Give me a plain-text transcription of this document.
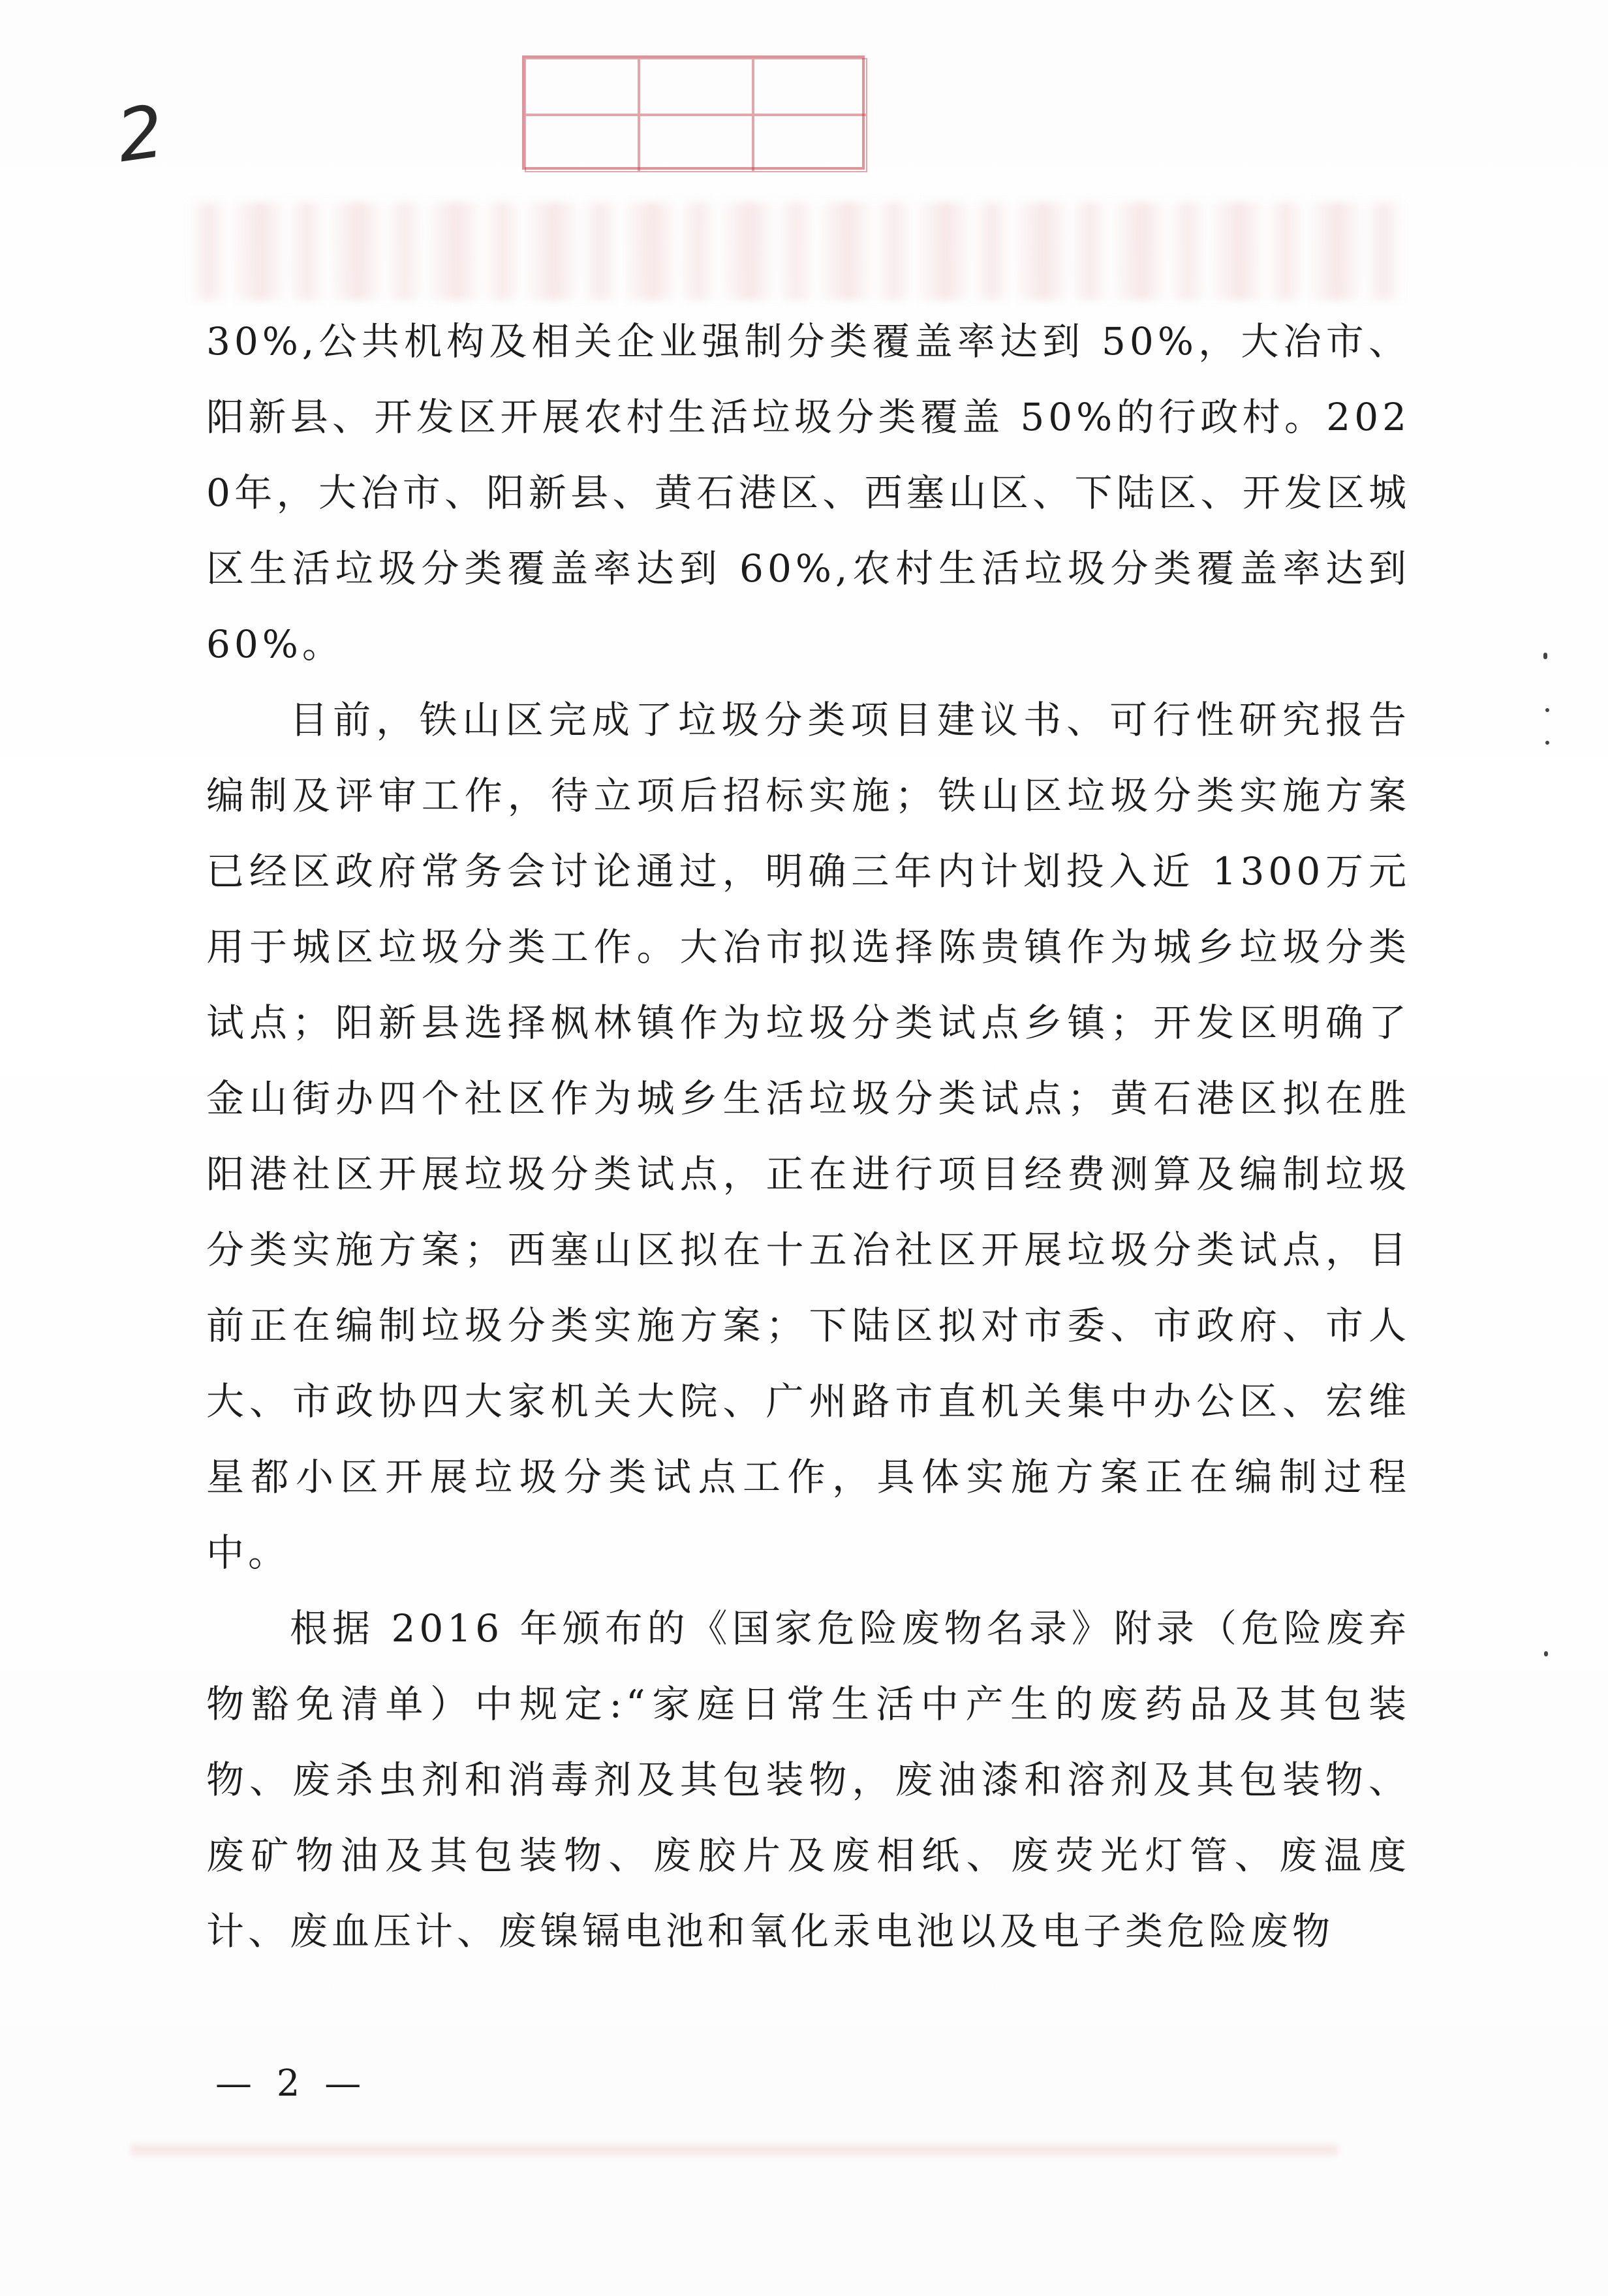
2

30%,公共机构及相关企业强制分类覆盖率达到 50%，大冶市、阳新县、开发区开展农村生活垃圾分类覆盖 50%的行政村。2020年，大冶市、阳新县、黄石港区、西塞山区、下陆区、开发区城区生活垃圾分类覆盖率达到 60%,农村生活垃圾分类覆盖率达到 60%。

目前，铁山区完成了垃圾分类项目建议书、可行性研究报告编制及评审工作，待立项后招标实施；铁山区垃圾分类实施方案已经区政府常务会讨论通过，明确三年内计划投入近 1300万元用于城区垃圾分类工作。大冶市拟选择陈贵镇作为城乡垃圾分类试点；阳新县选择枫林镇作为垃圾分类试点乡镇；开发区明确了金山街办四个社区作为城乡生活垃圾分类试点；黄石港区拟在胜阳港社区开展垃圾分类试点，正在进行项目经费测算及编制垃圾分类实施方案；西塞山区拟在十五冶社区开展垃圾分类试点，目前正在编制垃圾分类实施方案；下陆区拟对市委、市政府、市人大、市政协四大家机关大院、广州路市直机关集中办公区、宏维星都小区开展垃圾分类试点工作，具体实施方案正在编制过程中。

根据 2016 年颁布的《国家危险废物名录》附录（危险废弃物豁免清单）中规定:“家庭日常生活中产生的废药品及其包装物、废杀虫剂和消毒剂及其包装物，废油漆和溶剂及其包装物、废矿物油及其包装物、废胶片及废相纸、废荧光灯管、废温度计、废血压计、废镍镉电池和氧化汞电池以及电子类危险废物

— 2 —
